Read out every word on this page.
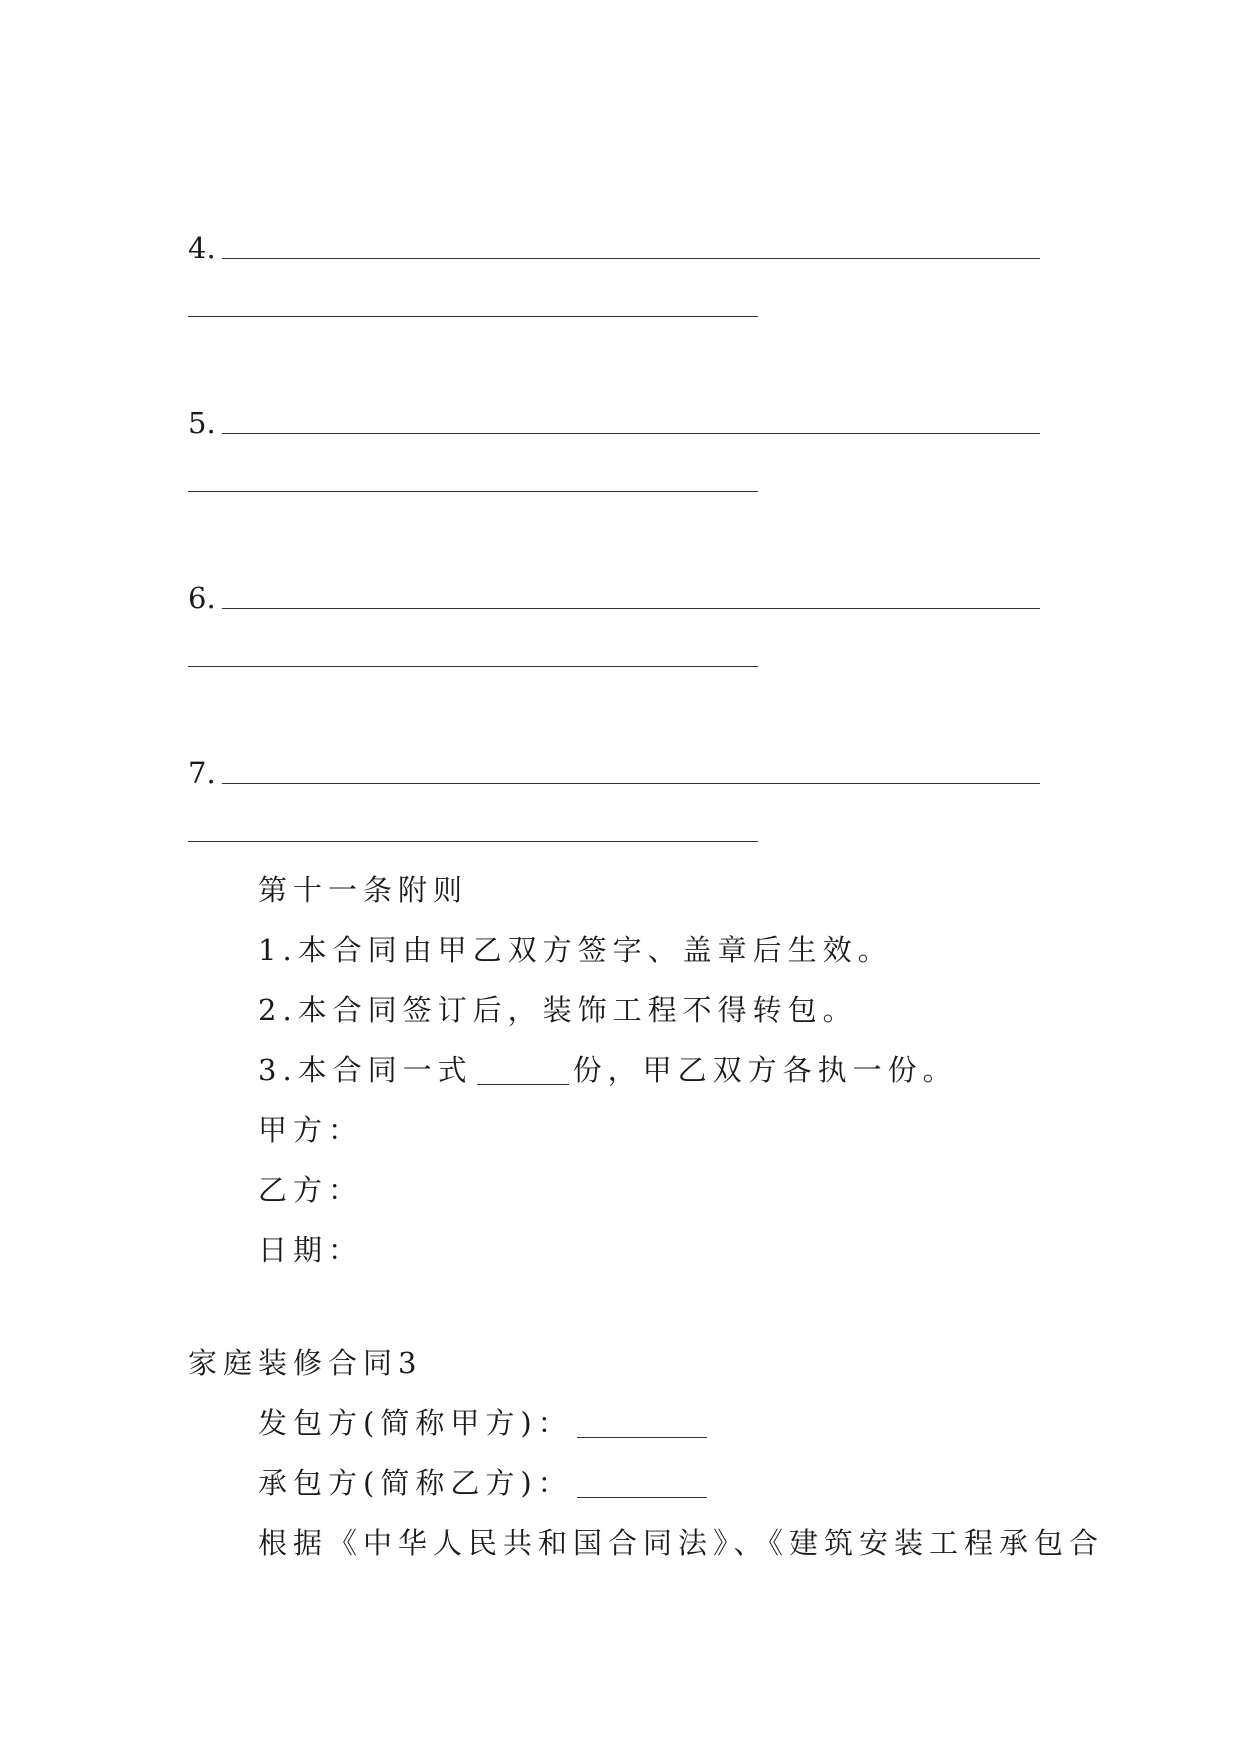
4.
5.
6.
7.
第十一条附则
1.本合同由甲乙双方签字、盖章后生效。
2.本合同签订后，装饰工程不得转包。
3.本合同一式	份，甲乙双方各执一份。
甲方：
乙方：
日期：
家庭装修合同3
发包方(简称甲方)：
承包方(简称乙方)：
根据《中华人民共和国合同法》、《建筑安装工程承包合
